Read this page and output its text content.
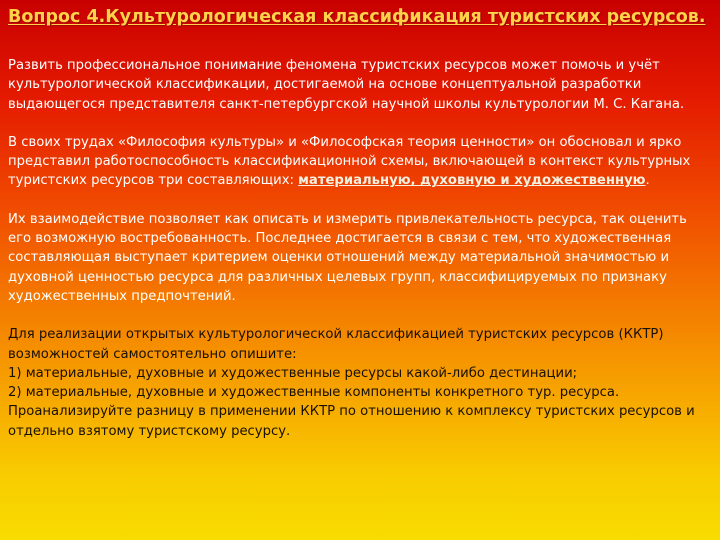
Вопрос 4.Культурологическая классификация туристских ресурсов.

Развить профессиональное понимание феномена туристских ресурсов может помочь и учёт культурологической классификации, достигаемой на основе концептуальной разработки выдающегося представителя санкт-петербургской научной школы культурологии М. С. Кагана.

В своих трудах «Философия культуры» и «Философская теория ценности» он обосновал и ярко представил работоспособность классификационной схемы, включающей в контекст культурных туристских ресурсов три составляющих: материальную, духовную и художественную.

Их взаимодействие позволяет как описать и измерить привлекательность ресурса, так оценить его возможную востребованность. Последнее достигается в связи с тем, что художественная составляющая выступает критерием оценки отношений между материальной значимостью и духовной ценностью ресурса для различных целевых групп, классифицируемых по признаку художественных предпочтений.

Для реализации открытых культурологической классификацией туристских ресурсов (ККТР) возможностей самостоятельно опишите:
1) материальные, духовные и художественные ресурсы какой-либо дестинации;
2) материальные, духовные и художественные компоненты конкретного тур. ресурса.
Проанализируйте разницу в применении ККТР по отношению к комплексу туристских ресурсов и отдельно взятому туристскому ресурсу.
